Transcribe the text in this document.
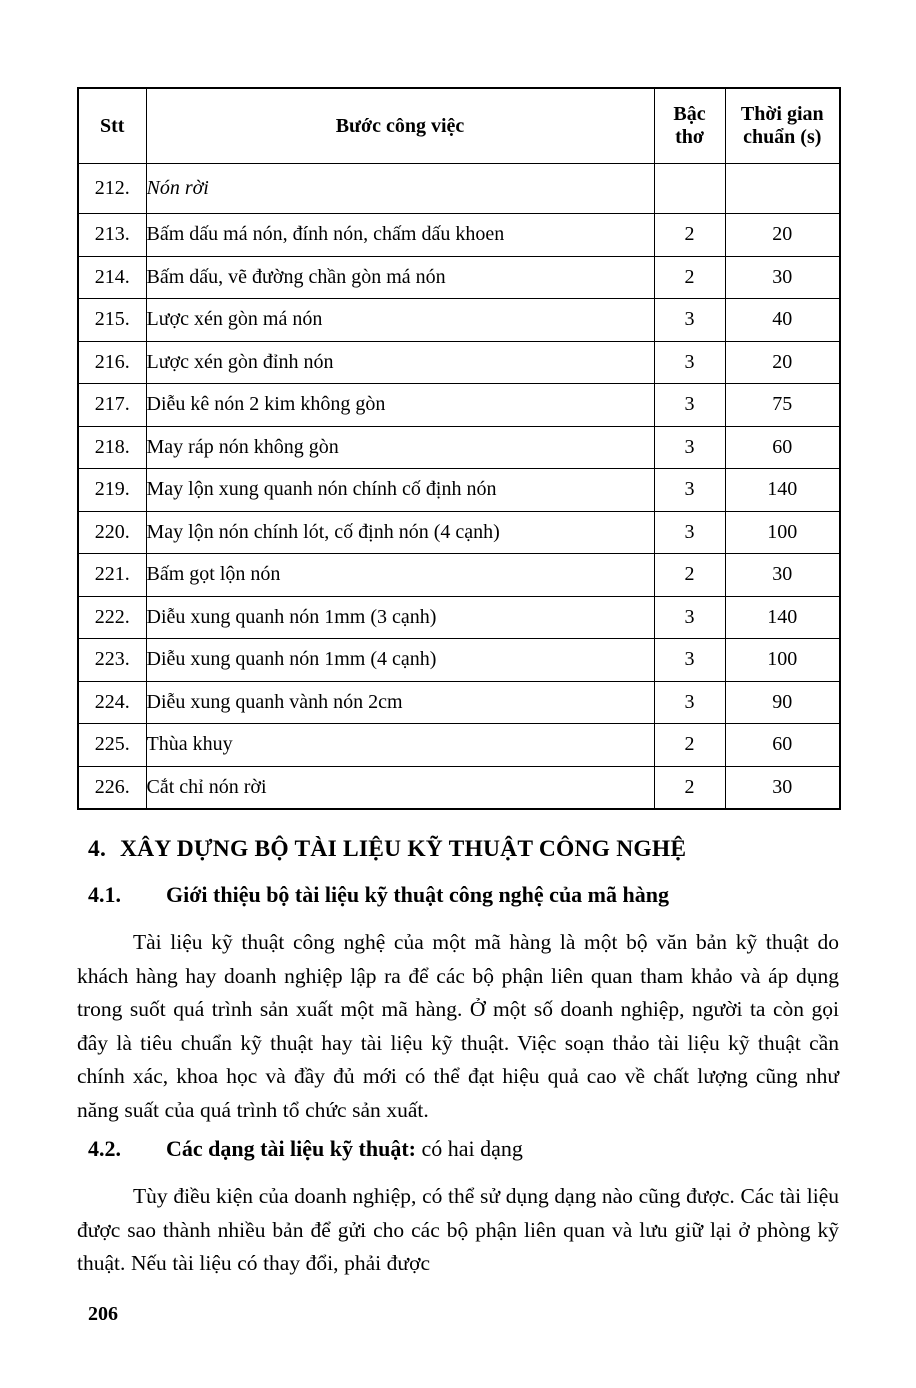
Stt	Bước công việc	Bậc thơ	Thời gian chuẩn (s)
212.	Nón rời		
213.	Bấm dấu má nón, đính nón, chấm dấu khoen	2	20
214.	Bấm dấu, vẽ đường chần gòn má nón	2	30
215.	Lược xén gòn má nón	3	40
216.	Lược xén gòn đỉnh nón	3	20
217.	Diễu kê nón 2 kim không gòn	3	75
218.	May ráp nón không gòn	3	60
219.	May lộn xung quanh nón chính cố định nón	3	140
220.	May lộn nón chính lót, cố định nón (4 cạnh)	3	100
221.	Bấm gọt lộn nón	2	30
222.	Diễu xung quanh nón 1mm (3 cạnh)	3	140
223.	Diễu xung quanh nón 1mm (4 cạnh)	3	100
224.	Diễu xung quanh vành nón 2cm	3	90
225.	Thùa khuy	2	60
226.	Cắt chỉ nón rời	2	30
4. XÂY DỰNG BỘ TÀI LIỆU KỸ THUẬT CÔNG NGHỆ
4.1. Giới thiệu bộ tài liệu kỹ thuật công nghệ của mã hàng

Tài liệu kỹ thuật công nghệ của một mã hàng là một bộ văn bản kỹ thuật do khách hàng hay doanh nghiệp lập ra để các bộ phận liên quan tham khảo và áp dụng trong suốt quá trình sản xuất một mã hàng. Ở một số doanh nghiệp, người ta còn gọi đây là tiêu chuẩn kỹ thuật hay tài liệu kỹ thuật. Việc soạn thảo tài liệu kỹ thuật cần chính xác, khoa học và đầy đủ mới có thể đạt hiệu quả cao về chất lượng cũng như năng suất của quá trình tổ chức sản xuất.

4.2. Các dạng tài liệu kỹ thuật: có hai dạng

Tùy điều kiện của doanh nghiệp, có thể sử dụng dạng nào cũng được. Các tài liệu được sao thành nhiều bản để gửi cho các bộ phận liên quan và lưu giữ lại ở phòng kỹ thuật. Nếu tài liệu có thay đổi, phải được

206
